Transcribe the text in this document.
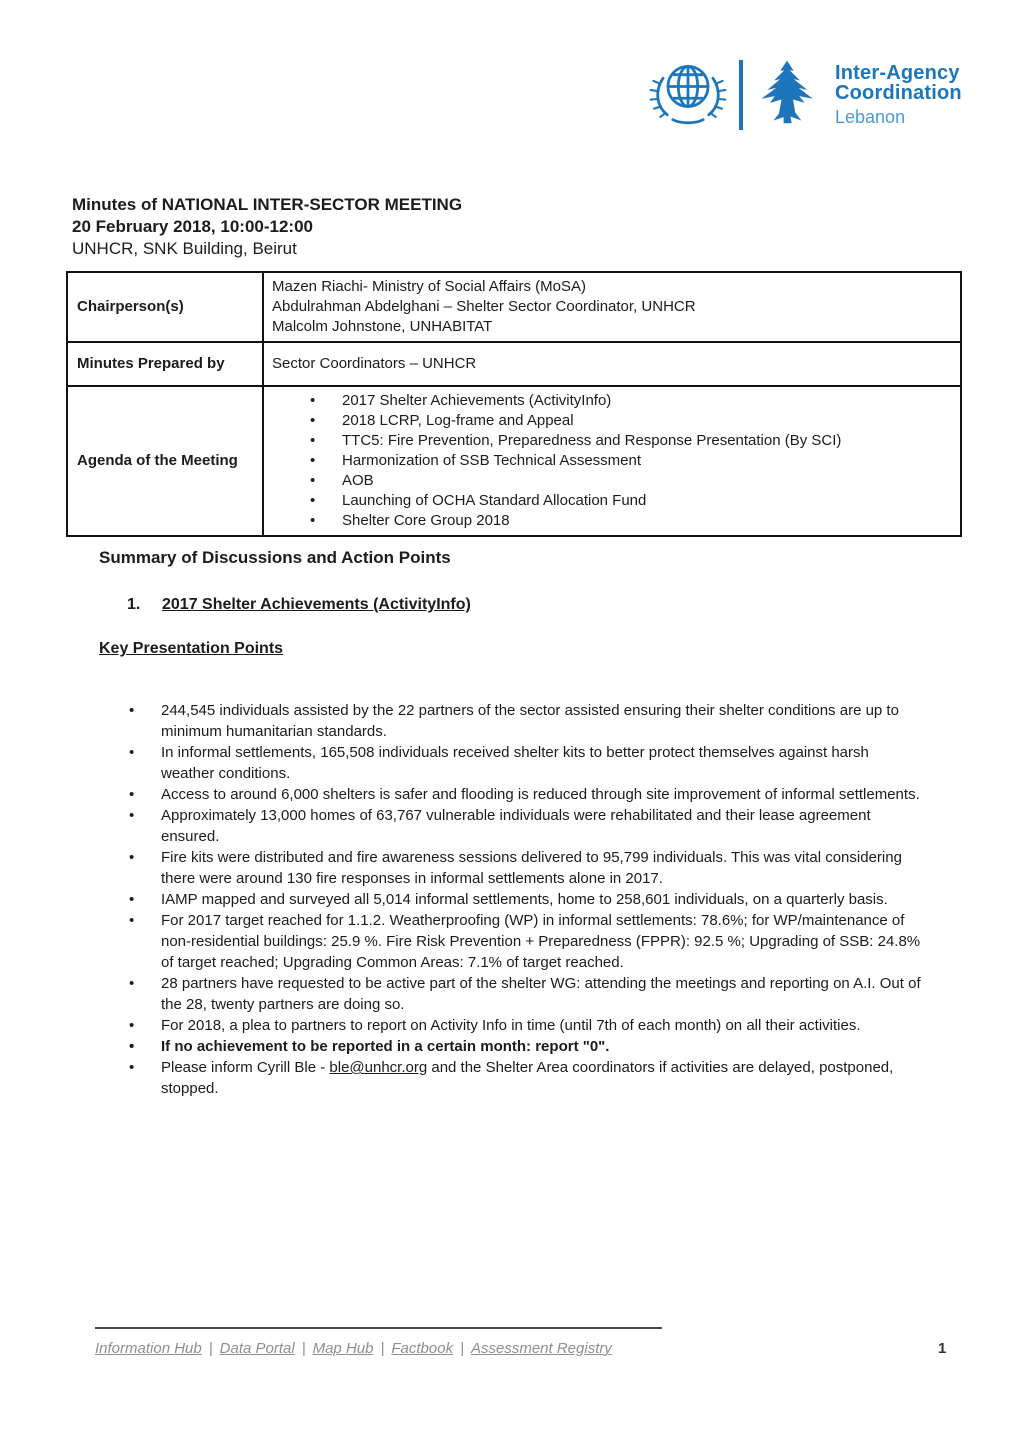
Inter-Agency
Coordination
Lebanon
Minutes of NATIONAL INTER-SECTOR MEETING
20 February 2018, 10:00-12:00
UNHCR, SNK Building, Beirut
Chairperson(s)	Mazen Riachi- Ministry of Social Affairs (MoSA)
Abdulrahman Abdelghani – Shelter Sector Coordinator, UNHCR
Malcolm Johnstone, UNHABITAT

Minutes Prepared by	Sector Coordinators – UNHCR
Agenda of the Meeting	
• 2017 Shelter Achievements (ActivityInfo)
• 2018 LCRP, Log-frame and Appeal
• TTC5: Fire Prevention, Preparedness and Response Presentation (By SCI)
• Harmonization of SSB Technical Assessment
• AOB
• Launching of OCHA Standard Allocation Fund
• Shelter Core Group 2018
Summary of Discussions and Action Points
1. 2017 Shelter Achievements (ActivityInfo)
Key Presentation Points
• 244,545 individuals assisted by the 22 partners of the sector assisted ensuring their shelter conditions are up to minimum humanitarian standards.
• In informal settlements, 165,508 individuals received shelter kits to better protect themselves against harsh weather conditions.
• Access to around 6,000 shelters is safer and flooding is reduced through site improvement of informal settlements.
• Approximately 13,000 homes of 63,767 vulnerable individuals were rehabilitated and their lease agreement ensured.
• Fire kits were distributed and fire awareness sessions delivered to 95,799 individuals. This was vital considering there were around 130 fire responses in informal settlements alone in 2017.
• IAMP mapped and surveyed all 5,014 informal settlements, home to 258,601 individuals, on a quarterly basis.
• For 2017 target reached for 1.1.2. Weatherproofing (WP) in informal settlements: 78.6%; for WP/maintenance of non-residential buildings: 25.9 %. Fire Risk Prevention + Preparedness (FPPR): 92.5 %; Upgrading of SSB: 24.8% of target reached; Upgrading Common Areas: 7.1% of target reached.
• 28 partners have requested to be active part of the shelter WG: attending the meetings and reporting on A.I. Out of the 28, twenty partners are doing so.
• For 2018, a plea to partners to report on Activity Info in time (until 7th of each month) on all their activities.
• If no achievement to be reported in a certain month: report "0".
• Please inform Cyrill Ble - ble@unhcr.org and the Shelter Area coordinators if activities are delayed, postponed, stopped.
Information Hub | Data Portal | Map Hub | Factbook | Assessment Registry	1
